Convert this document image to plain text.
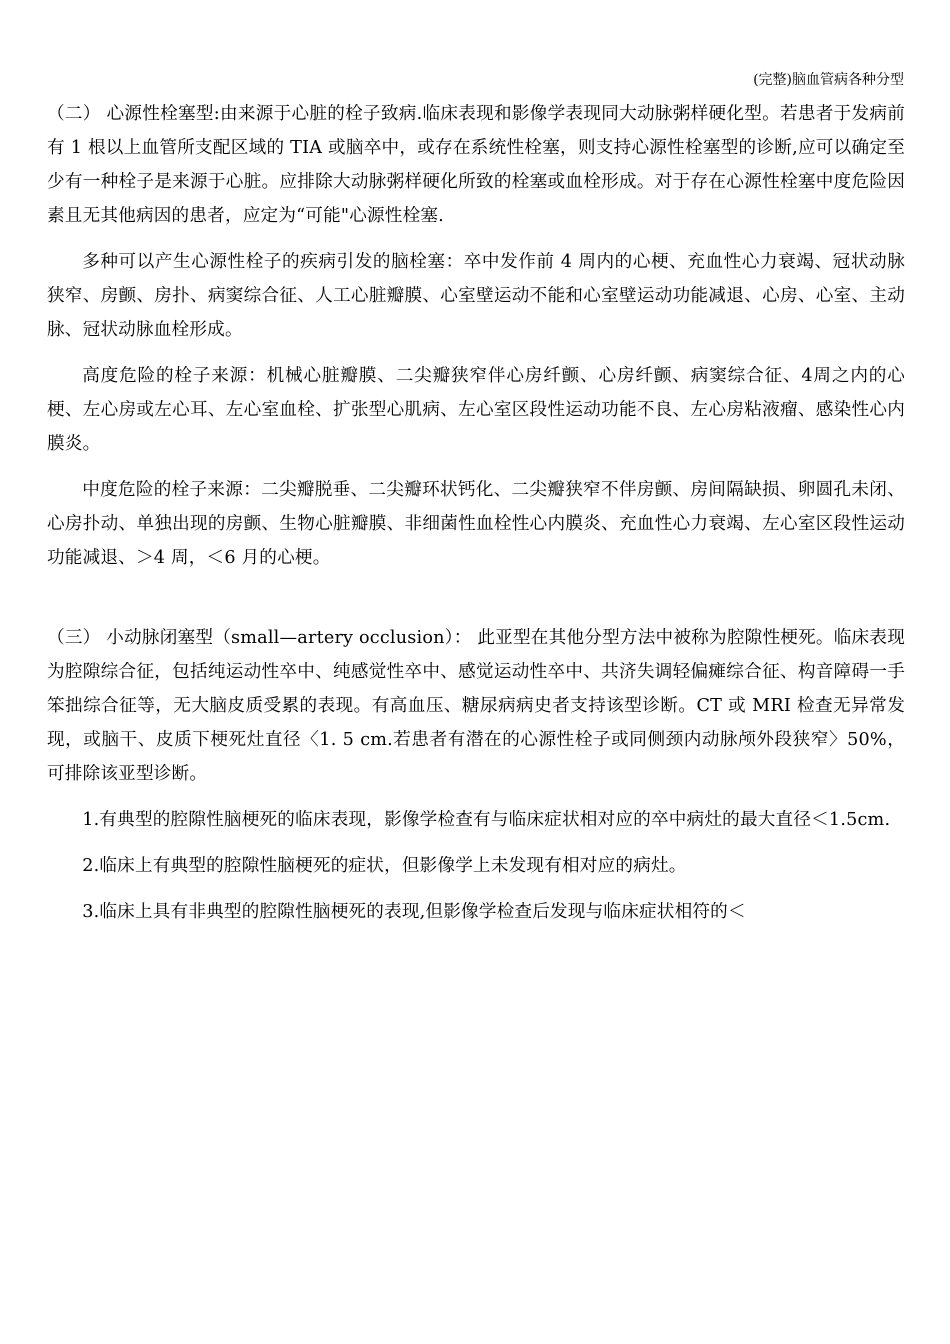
(完整)脑血管病各种分型

（二） 心源性栓塞型:由来源于心脏的栓子致病.临床表现和影像学表现同大动脉粥样硬化型。若患者于发病前有 1 根以上血管所支配区域的 TIA 或脑卒中，或存在系统性栓塞，则支持心源性栓塞型的诊断,应可以确定至少有一种栓子是来源于心脏。应排除大动脉粥样硬化所致的栓塞或血栓形成。对于存在心源性栓塞中度危险因素且无其他病因的患者，应定为“可能"心源性栓塞.

多种可以产生心源性栓子的疾病引发的脑栓塞：卒中发作前 4 周内的心梗、充血性心力衰竭、冠状动脉狭窄、房颤、房扑、病窦综合征、人工心脏瓣膜、心室壁运动不能和心室壁运动功能减退、心房、心室、主动脉、冠状动脉血栓形成。

高度危险的栓子来源：机械心脏瓣膜、二尖瓣狭窄伴心房纤颤、心房纤颤、病窦综合征、4周之内的心梗、左心房或左心耳、左心室血栓、扩张型心肌病、左心室区段性运动功能不良、左心房粘液瘤、感染性心内膜炎。

中度危险的栓子来源：二尖瓣脱垂、二尖瓣环状钙化、二尖瓣狭窄不伴房颤、房间隔缺损、卵圆孔未闭、心房扑动、单独出现的房颤、生物心脏瓣膜、非细菌性血栓性心内膜炎、充血性心力衰竭、左心室区段性运动功能减退、＞4 周，＜6 月的心梗。

（三） 小动脉闭塞型（small—artery occlusion）： 此亚型在其他分型方法中被称为腔隙性梗死。临床表现为腔隙综合征，包括纯运动性卒中、纯感觉性卒中、感觉运动性卒中、共济失调轻偏瘫综合征、构音障碍一手笨拙综合征等，无大脑皮质受累的表现。有高血压、糖尿病病史者支持该型诊断。CT 或 MRI 检查无异常发现，或脑干、皮质下梗死灶直径〈1. 5 cm.若患者有潜在的心源性栓子或同侧颈内动脉颅外段狭窄〉50%，可排除该亚型诊断。

1.有典型的腔隙性脑梗死的临床表现，影像学检查有与临床症状相对应的卒中病灶的最大直径＜1.5cm.

2.临床上有典型的腔隙性脑梗死的症状，但影像学上未发现有相对应的病灶。

3.临床上具有非典型的腔隙性脑梗死的表现,但影像学检查后发现与临床症状相符的＜
